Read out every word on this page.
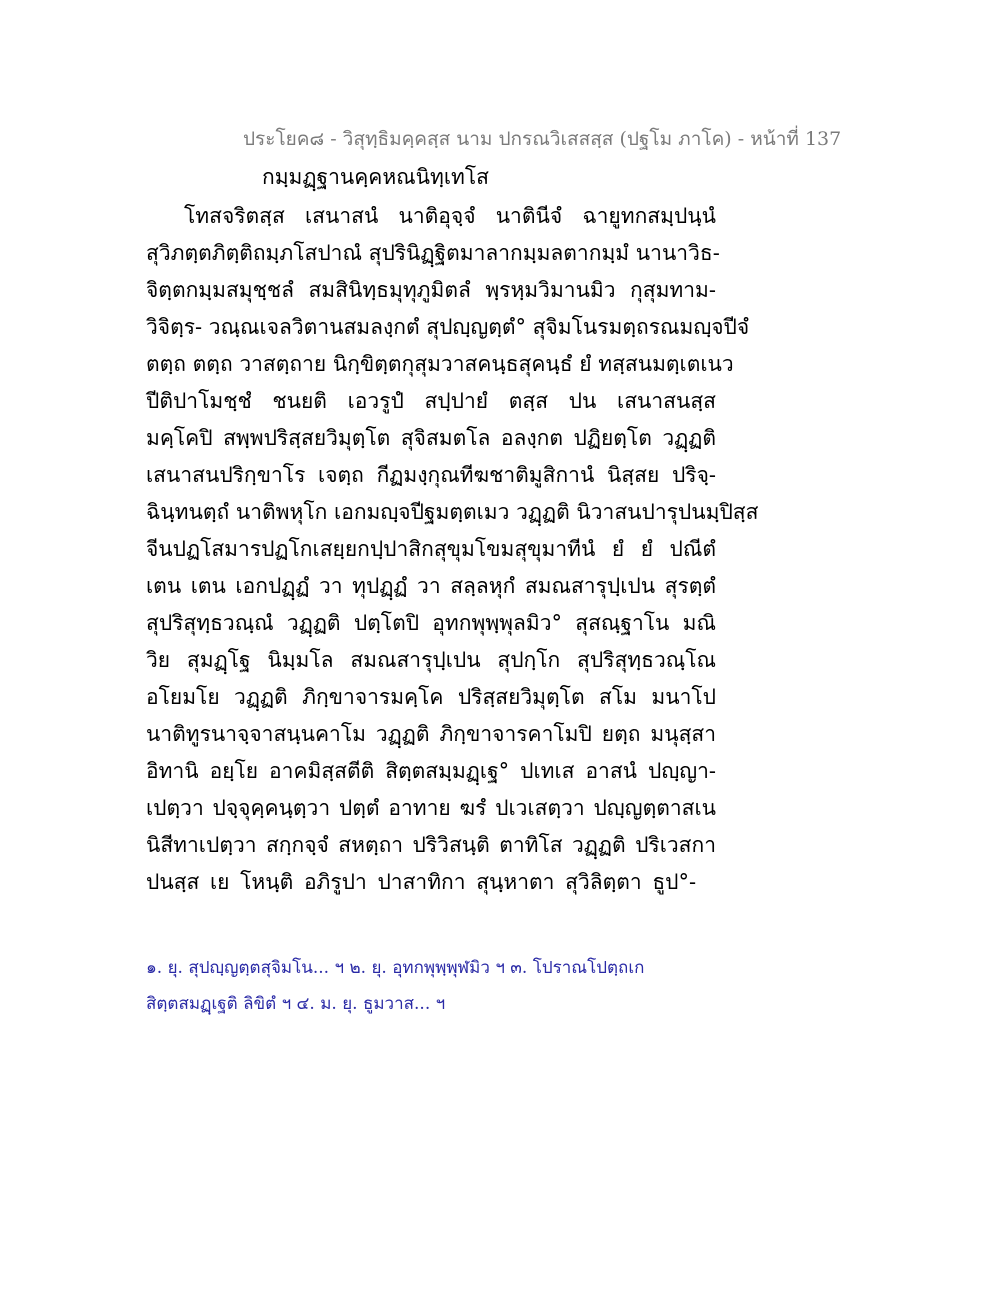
ประโยค๘ - วิสุทฺธิมคฺคสฺส นาม ปกรณวิเสสสฺส (ปฐโม ภาโค) - หน้าที่ 137
กมฺมฏฺฐานคฺคหณนิทฺเทโส
โทสจริตสฺส เสนาสนํ นาติอุจฺจํ นาตินีจํ ฉายูทกสมฺปนฺนํ
สุวิภตฺตภิตฺติถมฺภโสปาณํ สุปรินิฏฺฐิตมาลากมฺมลตากมฺมํ นานาวิธ-
จิตฺตกมฺมสมุชฺชลํ สมสินิทฺธมุทุภูมิตลํ พฺรหฺมวิมานมิว กุสุมทาม-
วิจิตฺร- วณฺณเจลวิตานสมลงฺกตํ สุปญฺญตฺตํ° สุจิมโนรมตฺถรณมญฺจปีจํ
ตตฺถ ตตฺถ วาสตฺถาย นิกฺขิตฺตกุสุมวาสคนฺธสุคนฺธํ ยํ ทสฺสนมตฺเตเนว
ปีติปาโมชฺชํ ชนยติ เอวรูปํ สปฺปายํ ตสฺส ปน เสนาสนสฺส
มคฺโคปิ สพฺพปริสฺสยวิมุตฺโต สุจิสมตโล อลงฺกต ปฏิยตฺโต วฏฺฏติ
เสนาสนปริกฺขาโร เจตฺถ กีฏมงฺกุณทีฆชาติมูสิกานํ นิสฺสย ปริจฺ-
ฉินฺทนตฺถํ นาติพหุโก เอกมญฺจปีฐมตฺตเมว วฏฺฏติ นิวาสนปารุปนมฺปิสฺส
จีนปฏโสมารปฏโกเสยฺยกปฺปาสิกสุขุมโขมสุขุมาทีนํ ยํ ยํ ปณีตํ
เตน เตน เอกปฏฺฏํ วา ทุปฏฺฏํ วา สลฺลหุกํ สมณสารุปฺเปน สุรตฺตํ
สุปริสุทฺธวณฺณํ วฏฺฏติ ปตฺโตปิ อุทกพุพฺพุลมิว° สุสณฺฐาโน มณิ
วิย สุมฏฺโฐ นิมฺมโล สมณสารุปฺเปน สุปกฺโก สุปริสุทฺธวณฺโณ
อโยมโย วฏฺฏติ ภิกฺขาจารมคฺโค ปริสฺสยวิมุตฺโต สโม มนาโป
นาติทูรนาจฺจาสนฺนคาโม วฏฺฏติ ภิกฺขาจารคาโมปิ ยตฺถ มนุสฺสา
อิทานิ อยฺโย อาคมิสฺสตีติ สิตฺตสมฺมฏฺเฐ° ปเทเส อาสนํ ปญฺญา-
เปตฺวา ปจฺจุคฺคนฺตฺวา ปตฺตํ อาทาย ฆรํ ปเวเสตฺวา ปญฺญตฺตาสเน
นิสีทาเปตฺวา สกฺกจฺจํ สหตฺถา ปริวิสนฺติ ตาทิโส วฏฺฏติ ปริเวสกา
ปนสฺส เย โหนฺติ อภิรูปา ปาสาทิกา สุนฺหาตา สุวิลิตฺตา ธูป°-
๑. ยุ. สุปญฺญตฺตสุจิมโน... ฯ ๒. ยุ. อุทกพุพฺพุฬมิว ฯ ๓. โปราณโปตฺถเก
สิตฺตสมฏฺเฐติ ลิขิตํ ฯ ๔. ม. ยุ. ธูมวาส... ฯ
